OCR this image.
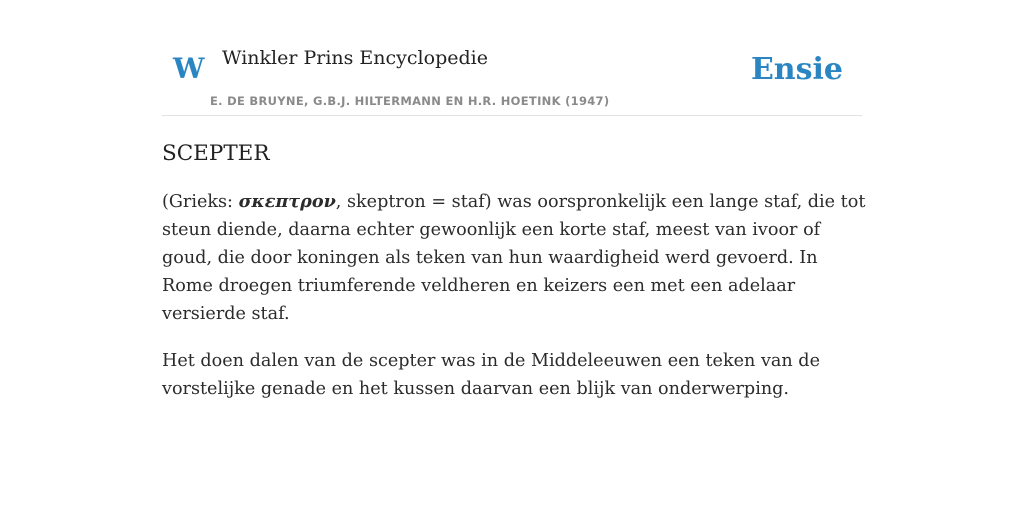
W Winkler Prins Encyclopedie
E. DE BRUYNE, G.B.J. HILTERMANN EN H.R. HOETINK (1947)
Ensie
SCEPTER

(Grieks: σκεπτρον, skeptron = staf) was oorspronkelijk een lange staf, die tot steun diende, daarna echter gewoonlijk een korte staf, meest van ivoor of goud, die door koningen als teken van hun waardigheid werd gevoerd. In Rome droegen triumferende veldheren en keizers een met een adelaar versierde staf.

Het doen dalen van de scepter was in de Middeleeuwen een teken van de vorstelijke genade en het kussen daarvan een blijk van onderwerping.
